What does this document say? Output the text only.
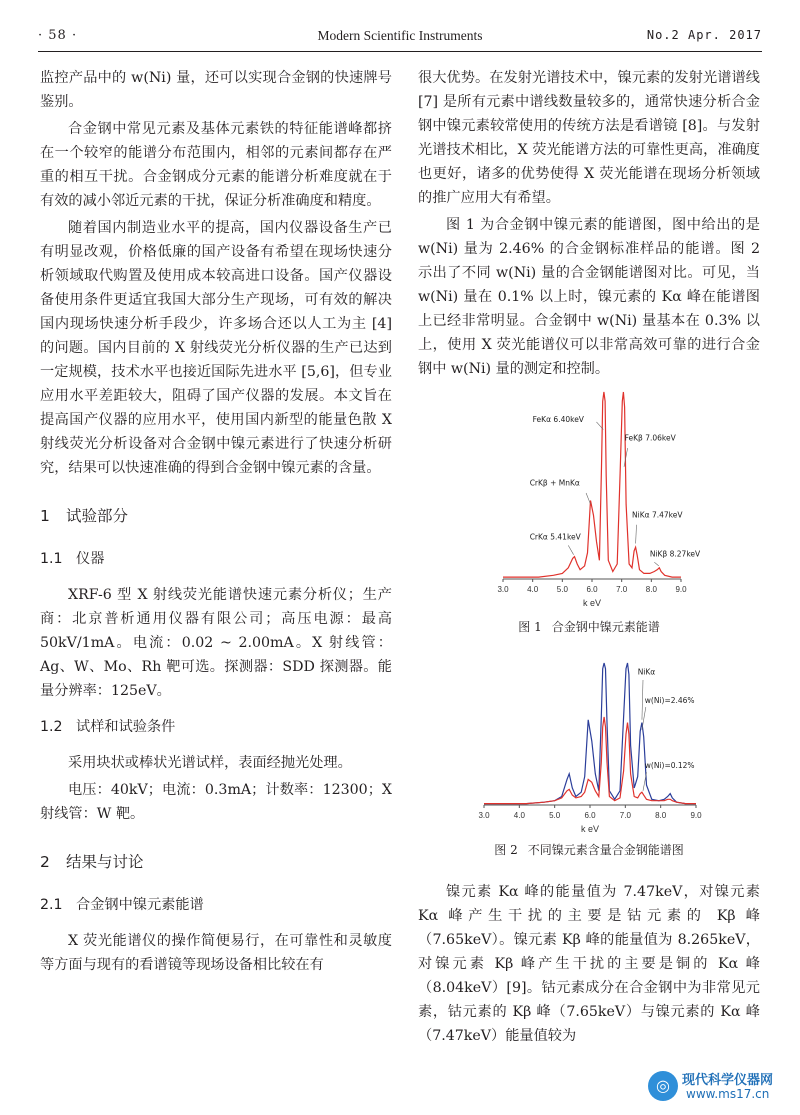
· 58 ·	Modern Scientific Instruments	No.2 Apr. 2017

监控产品中的 w(Ni) 量，还可以实现合金钢的快速牌号鉴别。

合金钢中常见元素及基体元素铁的特征能谱峰都挤在一个较窄的能谱分布范围内，相邻的元素间都存在严重的相互干扰。合金钢成分元素的能谱分析难度就在于有效的减小邻近元素的干扰，保证分析准确度和精度。

随着国内制造业水平的提高，国内仪器设备生产已有明显改观，价格低廉的国产设备有希望在现场快速分析领域取代购置及使用成本较高进口设备。国产仪器设备使用条件更适宜我国大部分生产现场，可有效的解决国内现场快速分析手段少，许多场合还以人工为主 [4] 的问题。国内目前的 X 射线荧光分析仪器的生产已达到一定规模，技术水平也接近国际先进水平 [5,6]，但专业应用水平差距较大，阻碍了国产仪器的发展。本文旨在提高国产仪器的应用水平，使用国内新型的能量色散 X 射线荧光分析设备对合金钢中镍元素进行了快速分析研究，结果可以快速准确的得到合金钢中镍元素的含量。

1 试验部分
1.1 仪器

XRF-6 型 X 射线荧光能谱快速元素分析仪；生产商：北京普析通用仪器有限公司；高压电源：最高 50kV/1mA。电流：0.02 ~ 2.00mA。X 射线管：Ag、W、Mo、Rh 靶可选。探测器：SDD 探测器。能量分辨率：125eV。

1.2 试样和试验条件

采用块状或棒状光谱试样，表面经抛光处理。

电压：40kV；电流：0.3mA；计数率：12300；X 射线管：W 靶。

2 结果与讨论
2.1 合金钢中镍元素能谱

X 荧光能谱仪的操作简便易行，在可靠性和灵敏度等方面与现有的看谱镜等现场设备相比较在有

很大优势。在发射光谱技术中，镍元素的发射光谱谱线 [7] 是所有元素中谱线数量较多的，通常快速分析合金钢中镍元素较常使用的传统方法是看谱镜 [8]。与发射光谱技术相比，X 荧光能谱方法的可靠性更高，准确度也更好，诸多的优势使得 X 荧光能谱在现场分析领域的推广应用大有希望。

图 1 为合金钢中镍元素的能谱图，图中给出的是 w(Ni) 量为 2.46% 的合金钢标准样品的能谱。图 2 示出了不同 w(Ni) 量的合金钢能谱图对比。可见，当 w(Ni) 量在 0.1% 以上时，镍元素的 Kα 峰在能谱图上已经非常明显。合金钢中 w(Ni) 量基本在 0.3% 以上，使用 X 荧光能谱仪可以非常高效可靠的进行合金钢中 w(Ni) 量的测定和控制。

3.0 4.0 5.0 6.0 7.0 8.0 9.0
k eV
FeKα 6.40keV
FeKβ 7.06keV
CrKβ + MnKα
NiKα 7.47keV
CrKα 5.41keV
NiKβ 8.27keV
图 1 合金钢中镍元素能谱
3.0	4.0	5.0	6.0	7.0	8.0	9.0
k eV
NiKα
w(Ni)=2.46%
w(Ni)=0.12%
图 2 不同镍元素含量合金钢能谱图

镍元素 Kα 峰的能量值为 7.47keV，对镍元素 Kα 峰产生干扰的主要是钴元素的 Kβ 峰（7.65keV）。镍元素 Kβ 峰的能量值为 8.265keV，对镍元素 Kβ 峰产生干扰的主要是铜的 Kα 峰（8.04keV）[9]。钴元素成分在合金钢中为非常见元素，钴元素的 Kβ 峰（7.65keV）与镍元素的 Kα 峰（7.47keV）能量值较为

◎ 现代科学仪器网
www.ms17.cn
